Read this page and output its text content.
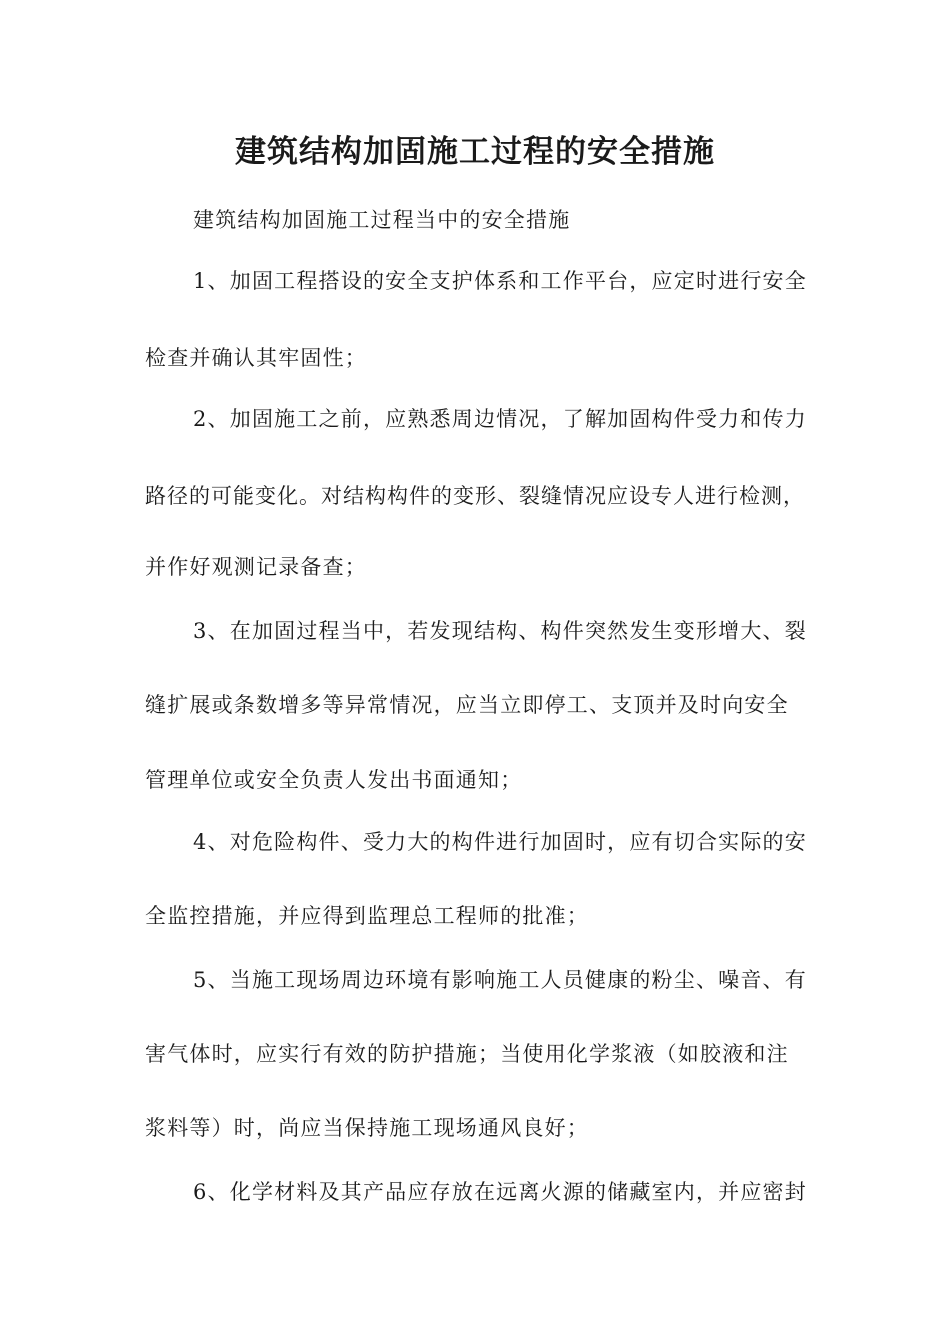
建筑结构加固施工过程的安全措施
建筑结构加固施工过程当中的安全措施
1、加固工程搭设的安全支护体系和工作平台，应定时进行安全
检查并确认其牢固性；
2、加固施工之前，应熟悉周边情况，了解加固构件受力和传力
路径的可能变化。对结构构件的变形、裂缝情况应设专人进行检测，
并作好观测记录备查；
3、在加固过程当中，若发现结构、构件突然发生变形增大、裂
缝扩展或条数增多等异常情况，应当立即停工、支顶并及时向安全
管理单位或安全负责人发出书面通知；
4、对危险构件、受力大的构件进行加固时，应有切合实际的安
全监控措施，并应得到监理总工程师的批准；
5、当施工现场周边环境有影响施工人员健康的粉尘、噪音、有
害气体时，应实行有效的防护措施；当使用化学浆液（如胶液和注
浆料等）时，尚应当保持施工现场通风良好；
6、化学材料及其产品应存放在远离火源的储藏室内，并应密封
